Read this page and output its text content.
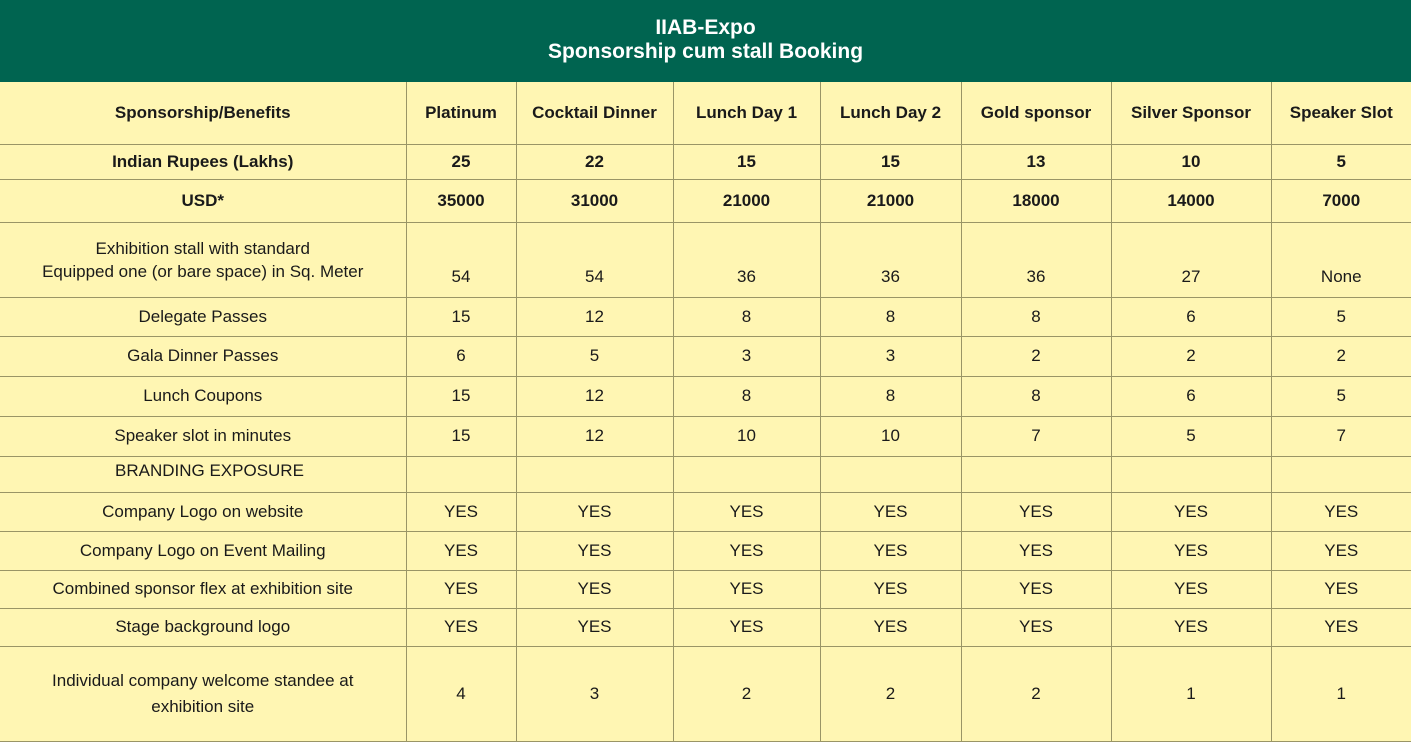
IIAB-Expo
Sponsorship cum stall Booking
Sponsorship/Benefits	Platinum	Cocktail Dinner	Lunch Day 1	Lunch Day 2	Gold sponsor	Silver Sponsor	Speaker Slot
Indian Rupees (Lakhs)	25	22	15	15	13	10	5
USD*	35000	31000	21000	21000	18000	14000	7000

Exhibition stall with standard
Equipped one (or bare space) in Sq. Meter	54	54	36	36	36	27	None
Delegate Passes	15	12	8	8	8	6	5
Gala Dinner Passes	6	5	3	3	2	2	2
Lunch Coupons	15	12	8	8	8	6	5
Speaker slot in minutes	15	12	10	10	7	5	7
BRANDING EXPOSURE							
Company Logo on website	YES	YES	YES	YES	YES	YES	YES
Company Logo on Event Mailing	YES	YES	YES	YES	YES	YES	YES
Combined sponsor flex at exhibition site	YES	YES	YES	YES	YES	YES	YES
Stage background logo	YES	YES	YES	YES	YES	YES	YES

Individual company welcome standee at
exhibition site	4	3	2	2	2	1	1
